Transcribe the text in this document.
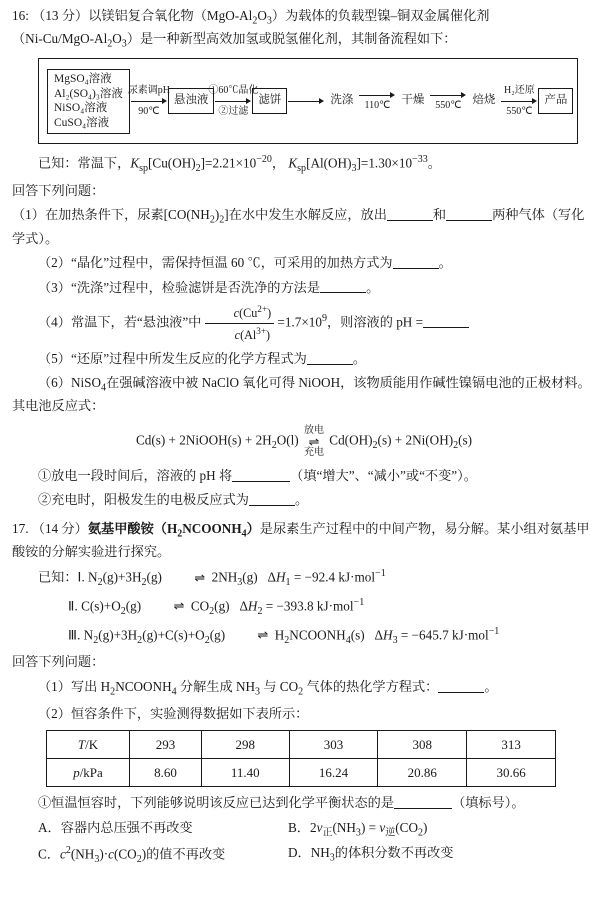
16:
（13 分） 以镁铝复合氧化物$(MgO-Al_2O_3)$为载体的负载型镍–铜双金属催化剂

$(Ni-Cu/MgO-Al_2O_3)$是一种新型高效加氢或脱氢催化剂，其制备流程如下：

MgSO₄溶液
Al₂(SO₄)₃溶液
NiSO₄溶液
CuSO₄溶液
尿素调pH
90℃
悬浊液
①60℃晶化
②过滤
滤饼	洗涤	110℃ 干燥	550℃ 焙烧
H₂还原
550℃
产品

已知：常温下，$K_{sp}[Cu(OH)_2]=2.21\times 10^{-20}$， $K_{sp}[Al(OH)_3]=1.30\times 10^{-33}$。

回答下列问题：

（1）在加热条件下，尿素$[CO(NH_2)_2]$在水中发生水解反应，放出	和	两种气体（写化学式）。

（2）“晶化”过程中，需保持恒温 60 ℃，可采用的加热方式为	。

（3）“洗涤”过程中，检验滤饼是否洗净的方法是	。

（4）常温下，若“悬浊液”中 $\frac{c(Cu^{2+})}{c(Al^{3+})} =1.7\times 10^9$，则溶液的 pH =

（5）“还原”过程中所发生反应的化学方程式为	。

（6）NiSO$_4$在强碱溶液中被 NaClO 氧化可得 NiOOH，该物质能用作碱性镍镉电池的正极材料。其电池反应式：

Cd(s) + 2NiOOH(s) + $2H_2O(l)$
放电
⇌
充电
$Cd(OH)_2(s) + 2Ni(OH)_2(s)$

①放电一段时间后，溶液的 pH 将	（填“增大”、“减小”或“不变”）。

②充电时，阳极发生的电极反应式为	。

17. （14 分）氨基甲酸铵$(H_2NCOONH_4)$是尿素生产过程中的中间产物，易分解。某小组对氨基甲酸铵的分解实验进行探究。

已知：Ⅰ. $N_2(g)+3H_2(g)$ ⇌ $2NH_3(g) \Delta H_1 = -92.4$ kJ·mol$^{-1}$

Ⅱ. $C(s)+O_2(g)$ ⇌ $CO_2(g) \Delta H_2 = -393.8$ kJ·mol$^{-1}$

Ⅲ. $N_2(g)+3H_2(g)+C(s)+O_2(g)$ ⇌ $H_2NCOONH_4(s) \Delta H_3 = -645.7$ kJ·mol$^{-1}$

回答下列问题：

（1）写出 $H_2NCOONH_4$ 分解生成 $NH_3$ 与 $CO_2$ 气体的热化学方程式：	。

（2）恒容条件下，实验测得数据如下表所示：

T/K	293	298	303	308	313
p/kPa	8.60	11.40	16.24	20.86	30.66

①恒温恒容时，下列能够说明该反应已达到化学平衡状态的是	（填标号）。

A．容器内总压强不再改变	B．$2v_正(NH_3) = v_逆(CO_2)$
C．$c^2(NH_3)\cdot c(CO_2)$的值不再改变	D．$NH_3$的体积分数不再改变
